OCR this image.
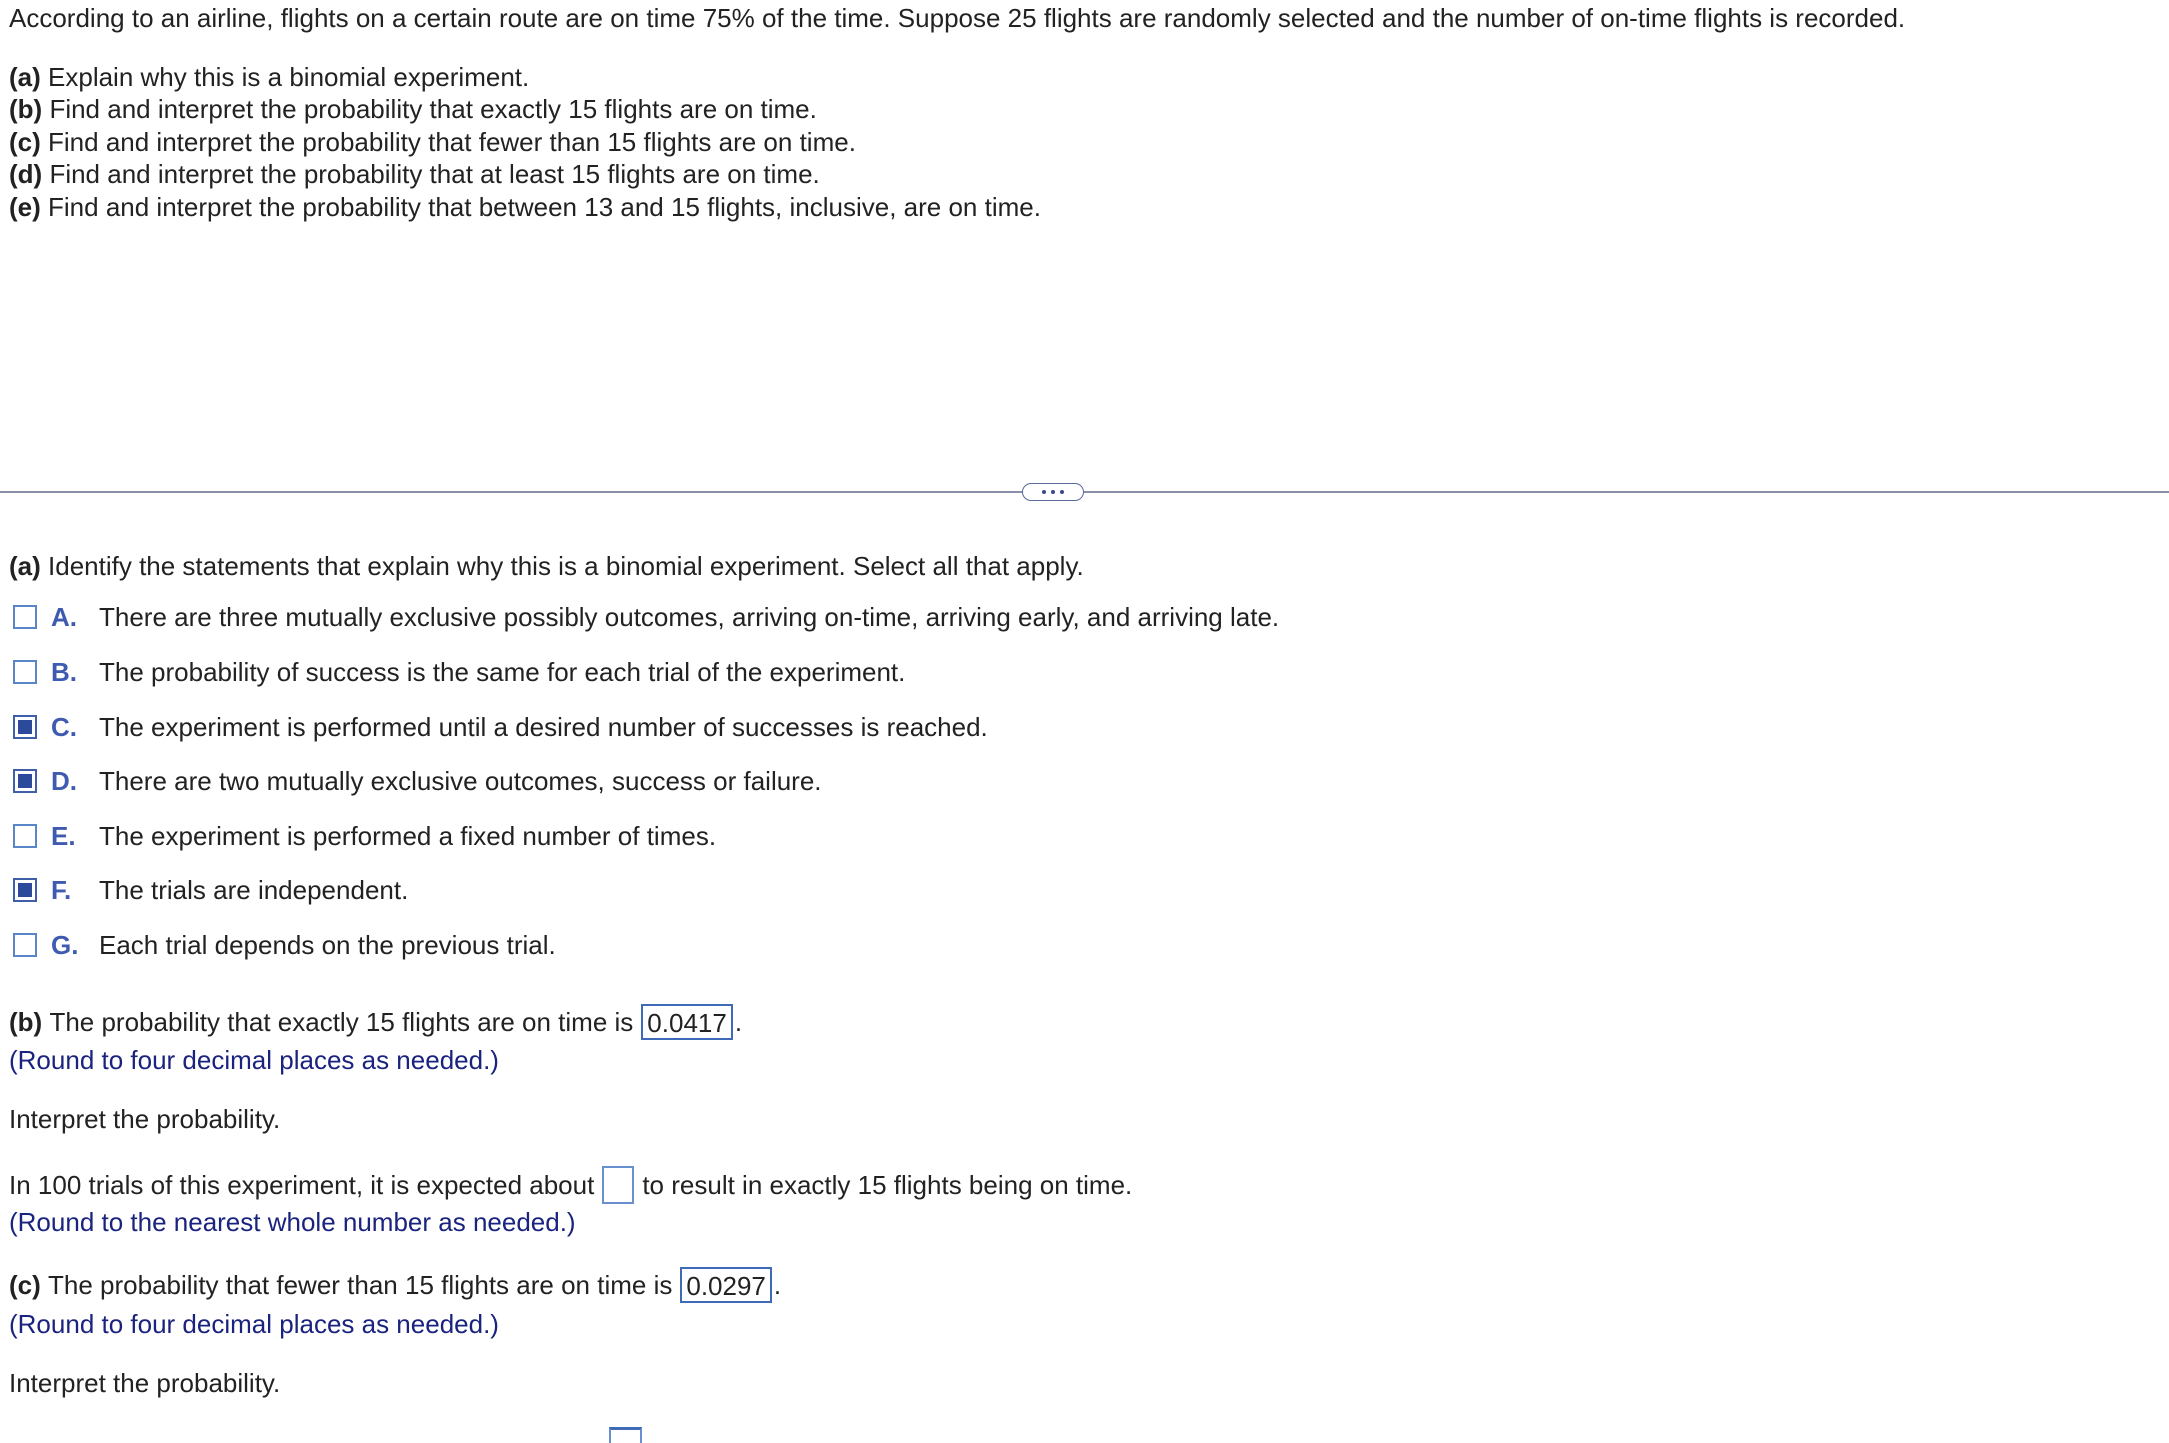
According to an airline, flights on a certain route are on time 75% of the time. Suppose 25 flights are randomly selected and the number of on-time flights is recorded.
(a) Explain why this is a binomial experiment.
(b) Find and interpret the probability that exactly 15 flights are on time.
(c) Find and interpret the probability that fewer than 15 flights are on time.
(d) Find and interpret the probability that at least 15 flights are on time.
(e) Find and interpret the probability that between 13 and 15 flights, inclusive, are on time.
(a) Identify the statements that explain why this is a binomial experiment. Select all that apply.
A. There are three mutually exclusive possibly outcomes, arriving on-time, arriving early, and arriving late.
B. The probability of success is the same for each trial of the experiment.
C. The experiment is performed until a desired number of successes is reached.
D. There are two mutually exclusive outcomes, success or failure.
E. The experiment is performed a fixed number of times.
F.	The trials are independent.
G. Each trial depends on the previous trial.
(b)
The probability that exactly 15 flights are on time is 0.0417 .
(Round to four decimal places as needed.)
Interpret the probability.
In 100 trials of this experiment, it is expected about to result in exactly 15 flights being on time.
(Round to the nearest whole number as needed.)
(c)
The probability that fewer than 15 flights are on time is 0.0297 .
(Round to four decimal places as needed.)
Interpret the probability.
